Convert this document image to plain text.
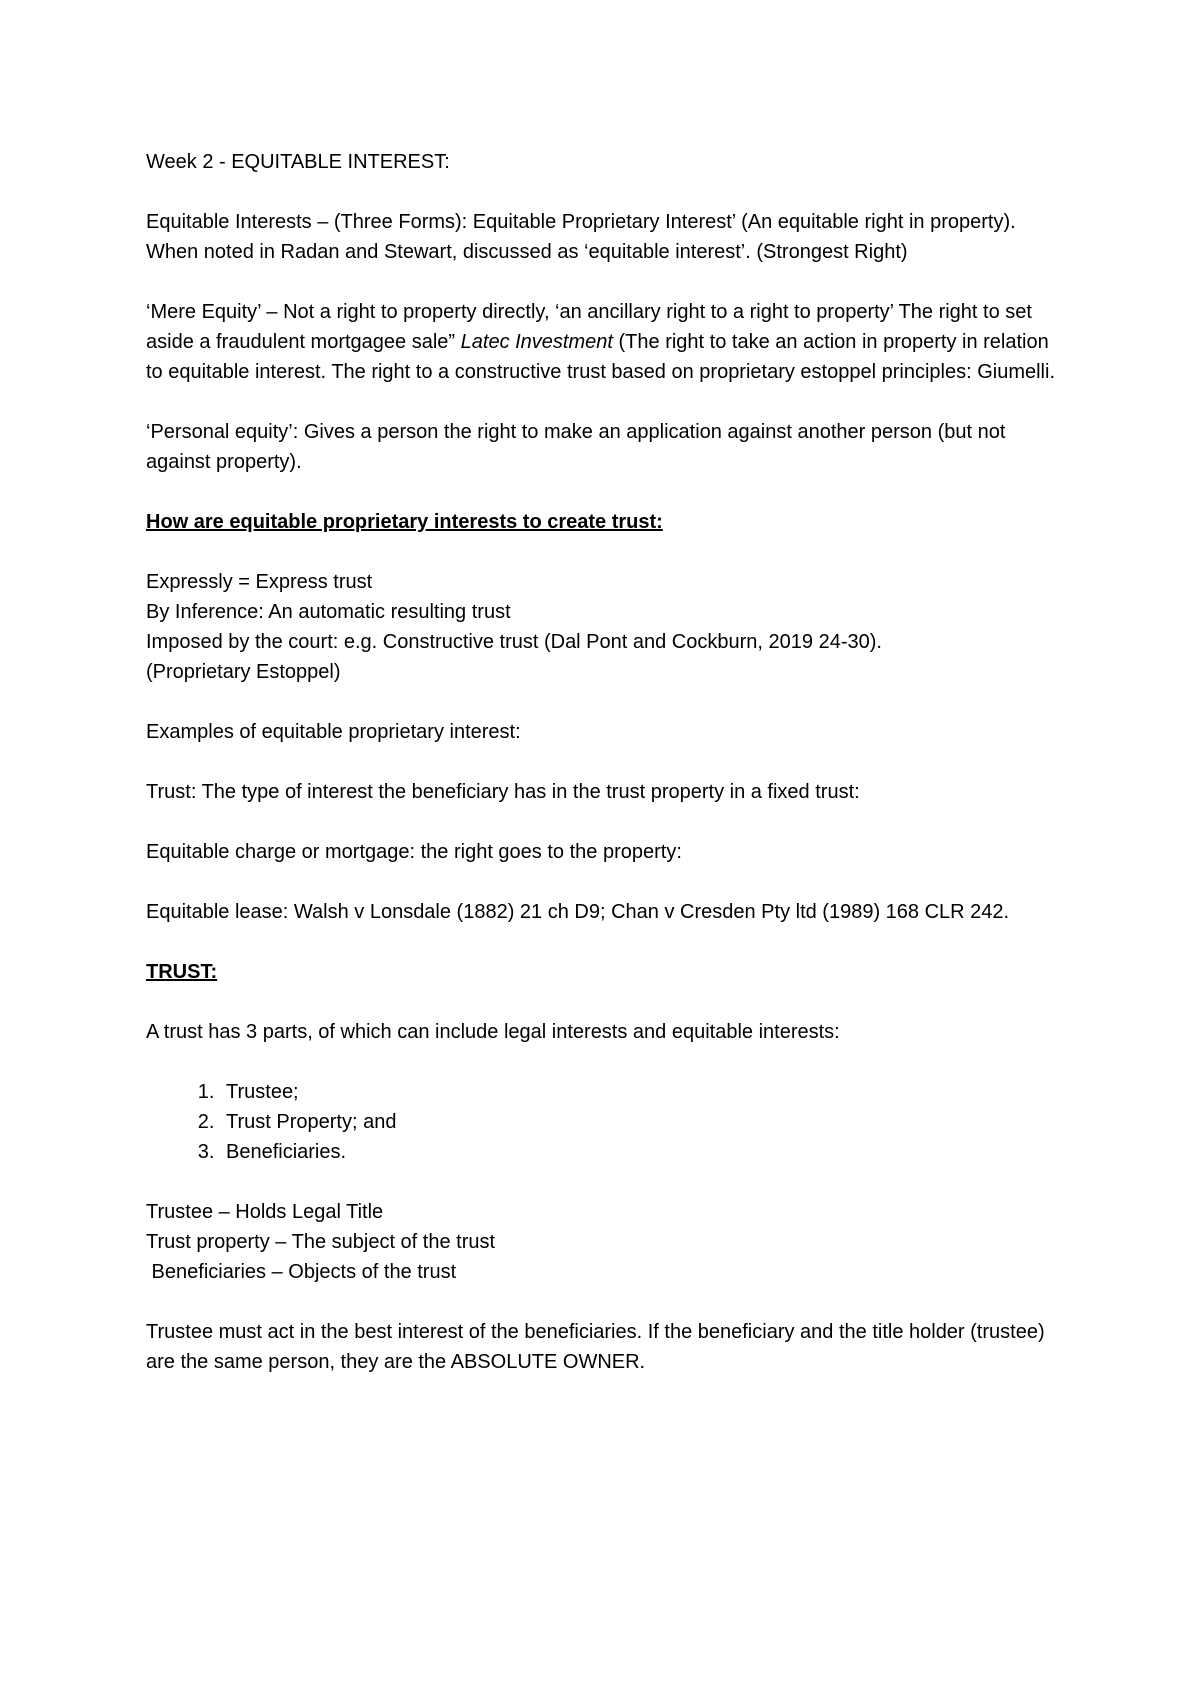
Week 2 - EQUITABLE INTEREST:

Equitable Interests – (Three Forms): Equitable Proprietary Interest’ (An equitable right in property). When noted in Radan and Stewart, discussed as ‘equitable interest’. (Strongest Right)

‘Mere Equity’ – Not a right to property directly, ‘an ancillary right to a right to property’ The right to set aside a fraudulent mortgagee sale” Latec Investment (The right to take an action in property in relation to equitable interest. The right to a constructive trust based on proprietary estoppel principles: Giumelli.

‘Personal equity’: Gives a person the right to make an application against another person (but not against property).

How are equitable proprietary interests to create trust:

Expressly = Express trust

By Inference: An automatic resulting trust

Imposed by the court: e.g. Constructive trust (Dal Pont and Cockburn, 2019 24-30).

(Proprietary Estoppel)

Examples of equitable proprietary interest:

Trust: The type of interest the beneficiary has in the trust property in a fixed trust:

Equitable charge or mortgage: the right goes to the property:

Equitable lease: Walsh v Lonsdale (1882) 21 ch D9; Chan v Cresden Pty ltd (1989) 168 CLR 242.

TRUST:

A trust has 3 parts, of which can include legal interests and equitable interests:

1. Trustee;
2. Trust Property; and
3. Beneficiaries.

Trustee – Holds Legal Title

Trust property – The subject of the trust

Beneficiaries – Objects of the trust

Trustee must act in the best interest of the beneficiaries. If the beneficiary and the title holder (trustee) are the same person, they are the ABSOLUTE OWNER.
